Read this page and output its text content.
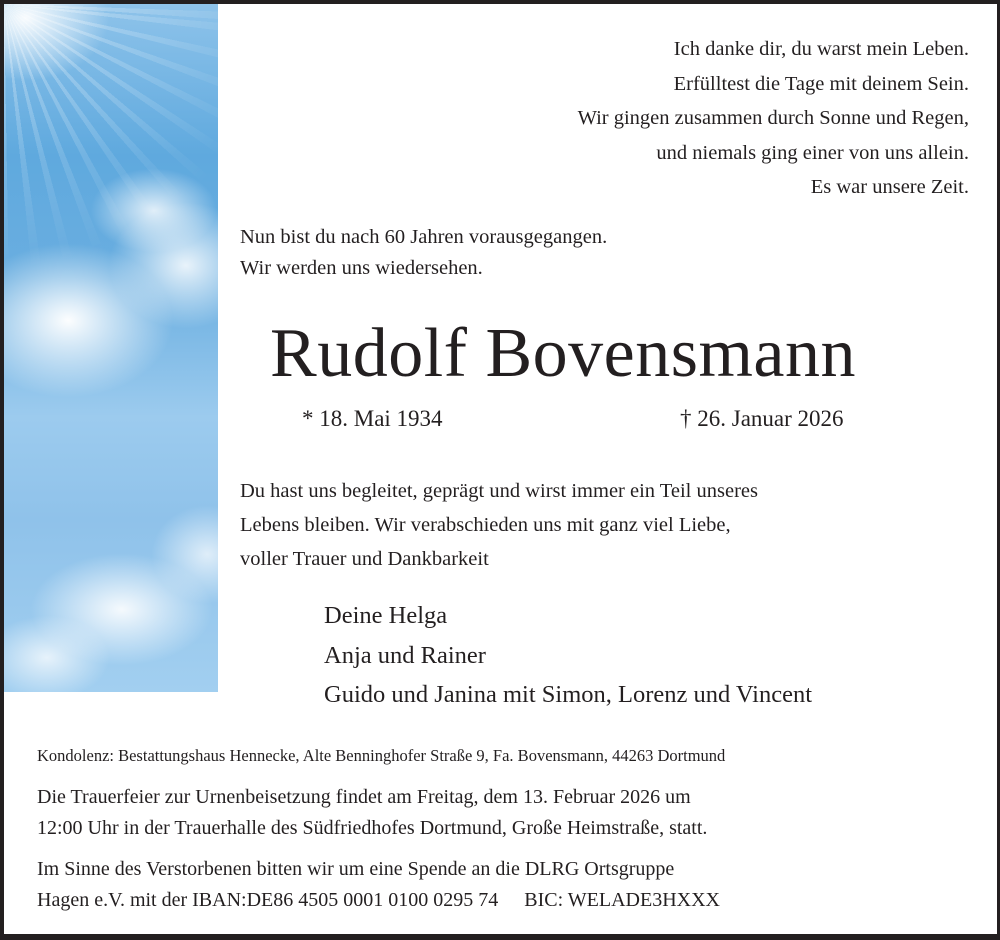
Ich danke dir, du warst mein Leben.
Erfülltest die Tage mit deinem Sein.
Wir gingen zusammen durch Sonne und Regen,
und niemals ging einer von uns allein.
Es war unsere Zeit.
Nun bist du nach 60 Jahren vorausgegangen.
Wir werden uns wiedersehen.
Rudolf Bovensmann
* 18. Mai 1934	† 26. Januar 2026
Du hast uns begleitet, geprägt und wirst immer ein Teil unseres
Lebens bleiben. Wir verabschieden uns mit ganz viel Liebe,
voller Trauer und Dankbarkeit
Deine Helga
Anja und Rainer
Guido und Janina mit Simon, Lorenz und Vincent
Kondolenz: Bestattungshaus Hennecke, Alte Benninghofer Straße 9, Fa. Bovensmann, 44263 Dortmund
Die Trauerfeier zur Urnenbeisetzung findet am Freitag, dem 13. Februar 2026 um
12:00 Uhr in der Trauerhalle des Südfriedhofes Dortmund, Große Heimstraße, statt.
Im Sinne des Verstorbenen bitten wir um eine Spende an die DLRG Ortsgruppe
Hagen e.V. mit der IBAN:DE86 4505 0001 0100 0295 74 BIC: WELADE3HXXX
